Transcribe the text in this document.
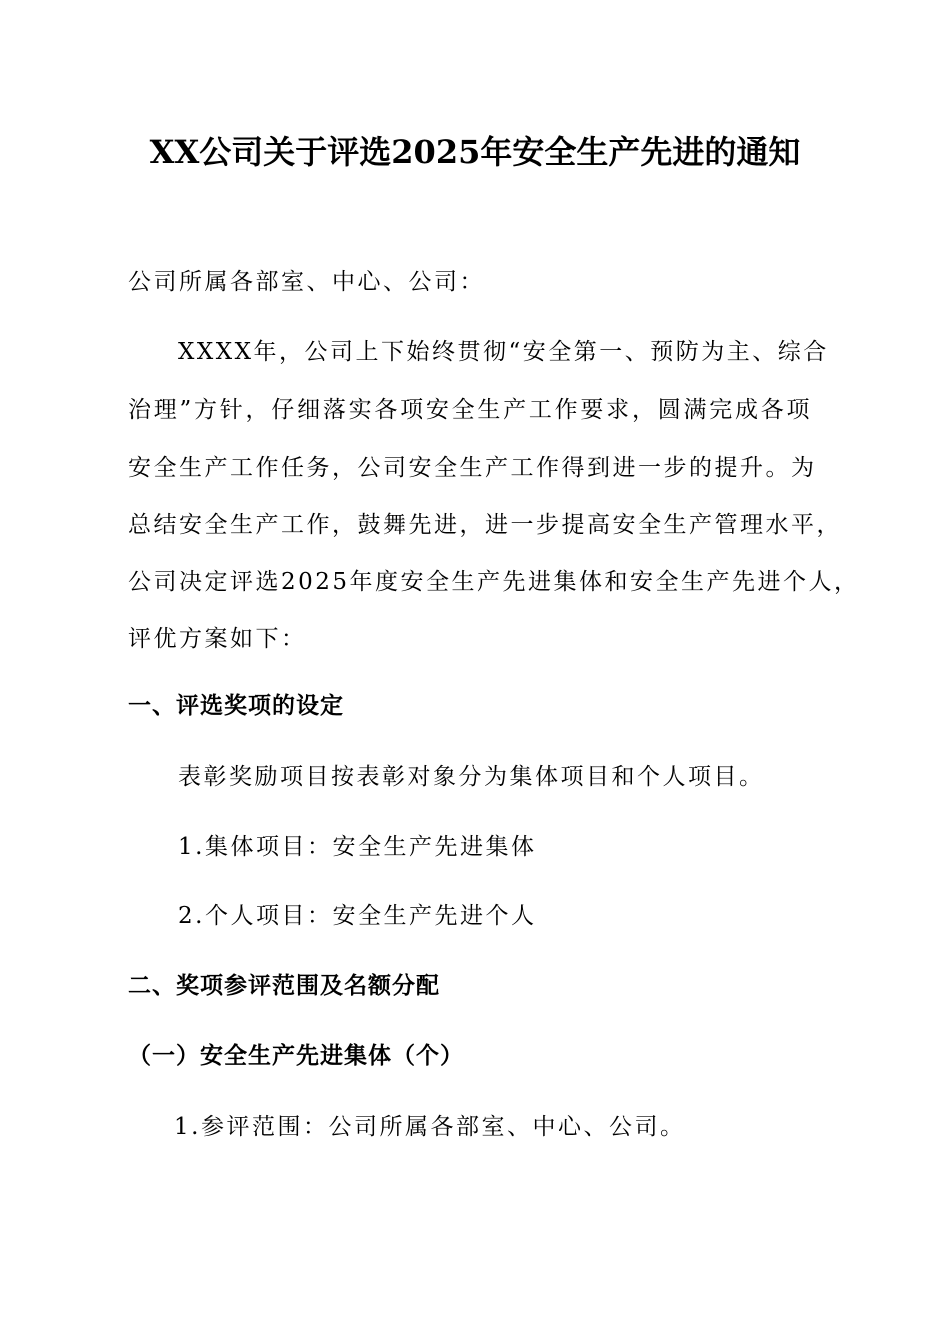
XX公司关于评选2025年安全生产先进的通知
公司所属各部室、中心、公司：
XXXX年，公司上下始终贯彻“安全第一、预防为主、综合
治理”方针，仔细落实各项安全生产工作要求，圆满完成各项
安全生产工作任务，公司安全生产工作得到进一步的提升。为
总结安全生产工作，鼓舞先进，进一步提高安全生产管理水平，
公司决定评选2025年度安全生产先进集体和安全生产先进个人，
评优方案如下：
一、评选奖项的设定
表彰奖励项目按表彰对象分为集体项目和个人项目。
1.集体项目：安全生产先进集体
2.个人项目：安全生产先进个人
二、奖项参评范围及名额分配
（一）安全生产先进集体（个）
1.参评范围：公司所属各部室、中心、公司。
